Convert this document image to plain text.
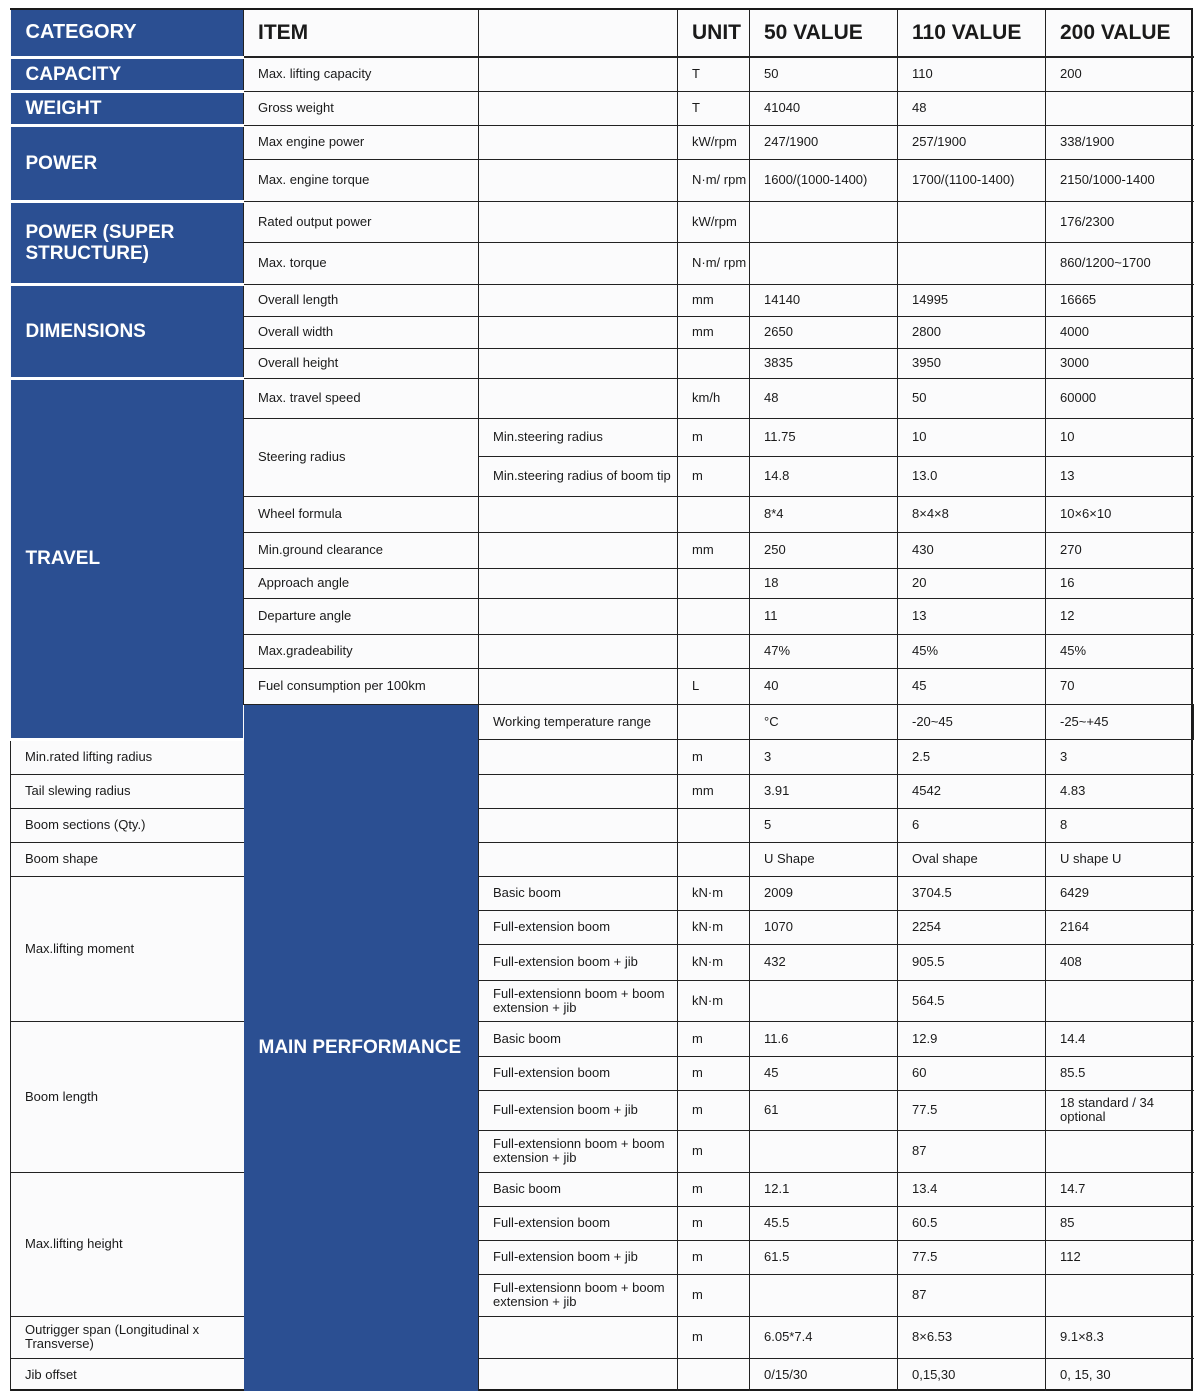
CATEGORY	ITEM		UNIT	50 VALUE	110 VALUE	200 VALUE	
CAPACITY	Max. lifting capacity		T	50	110	200	
WEIGHT	Gross weight		T	41040	48		
POWER	Max engine power		kW/rpm	247/1900	257/1900	338/1900	
	Max. engine torque		N·m/ rpm	1600/(1000-1400)	1700/(1100-1400)	2150/1000-1400	
POWER (SUPER STRUCTURE)	Rated output power		kW/rpm			176/2300	
	Max. torque		N·m/ rpm			860/1200~1700	
DIMENSIONS	Overall length		mm	14140	14995	16665	
	Overall width		mm	2650	2800	4000	
	Overall height			3835	3950	3000	
TRAVEL	Max. travel speed		km/h	48	50	60000	
	Steering radius	Min.steering radius	m	11.75	10	10	
		Min.steering radius of boom tip	m	14.8	13.0	13	
	Wheel formula			8*4	8×4×8	10×6×10	
	Min.ground clearance		mm	250	430	270	
	Approach angle			18	20	16	
	Departure angle			11	13	12	
	Max.gradeability			47%	45%	45%	
	Fuel consumption per 100km		L	40	45	70	
	MAIN PERFORMANCE	Working temperature range		°C	-20~45	-25~+45	
Min.rated lifting radius			m	3	2.5	3	
Tail slewing radius			mm	3.91	4542	4.83	
Boom sections (Qty.)				5	6	8	
Boom shape				U Shape	Oval shape	U shape U	
Max.lifting moment		Basic boom	kN·m	2009	3704.5	6429	
		Full-extension boom	kN·m	1070	2254	2164	
		Full-extension boom + jib	kN·m	432	905.5	408	
		Full-extensionn boom + boom extension + jib	kN·m		564.5		
Boom length		Basic boom	m	11.6	12.9	14.4	
		Full-extension boom	m	45	60	85.5	
		Full-extension boom + jib	m	61	77.5	18 standard / 34 optional	
		Full-extensionn boom + boom extension + jib	m		87		
Max.lifting height		Basic boom	m	12.1	13.4	14.7	
		Full-extension boom	m	45.5	60.5	85	
		Full-extension boom + jib	m	61.5	77.5	112	
		Full-extensionn boom + boom extension + jib	m		87		
Outrigger span (Longitudinal x Transverse)			m	6.05*7.4	8×6.53	9.1×8.3	
Jib offset				0/15/30	0,15,30	0, 15, 30	
